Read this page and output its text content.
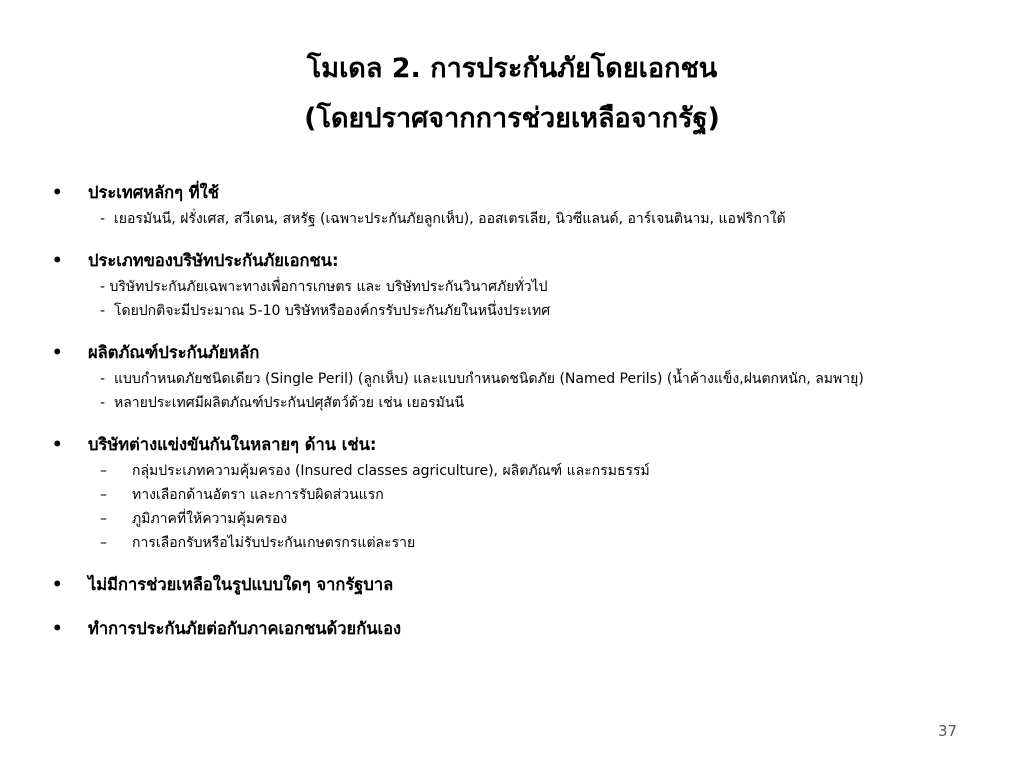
โมเดล 2. การประกันภัยโดยเอกชน
(โดยปราศจากการช่วยเหลือจากรัฐ)
• ประเทศหลักๆ ที่ใช้
- เยอรมันนี, ฝรั่งเศส, สวีเดน, สหรัฐ (เฉพาะประกันภัยลูกเห็บ), ออสเตรเลีย, นิวซีแลนด์, อาร์เจนตินาม, แอฟริกาใต้
• ประเภทของบริษัทประกันภัยเอกชน:
- บริษัทประกันภัยเฉพาะทางเพื่อการเกษตร และ บริษัทประกันวินาศภัยทั่วไป
- โดยปกติจะมีประมาณ 5-10 บริษัทหรือองค์กรรับประกันภัยในหนึ่งประเทศ
• ผลิตภัณฑ์ประกันภัยหลัก
- แบบกำหนดภัยชนิดเดียว (Single Peril) (ลูกเห็บ) และแบบกำหนดชนิดภัย (Named Perils) (น้ำค้างแข็ง,ฝนตกหนัก, ลมพายุ)
- หลายประเทศมีผลิตภัณฑ์ประกันปศุสัตว์ด้วย เช่น เยอรมันนี
• บริษัทต่างแข่งขันกันในหลายๆ ด้าน เช่น:
– กลุ่มประเภทความคุ้มครอง (Insured classes agriculture), ผลิตภัณฑ์ และกรมธรรม์
– ทางเลือกด้านอัตรา และการรับผิดส่วนแรก
– ภูมิภาคที่ให้ความคุ้มครอง
– การเลือกรับหรือไม่รับประกันเกษตรกรแต่ละราย
• ไม่มีการช่วยเหลือในรูปแบบใดๆ จากรัฐบาล
• ทำการประกันภัยต่อกับภาคเอกชนด้วยกันเอง
37
